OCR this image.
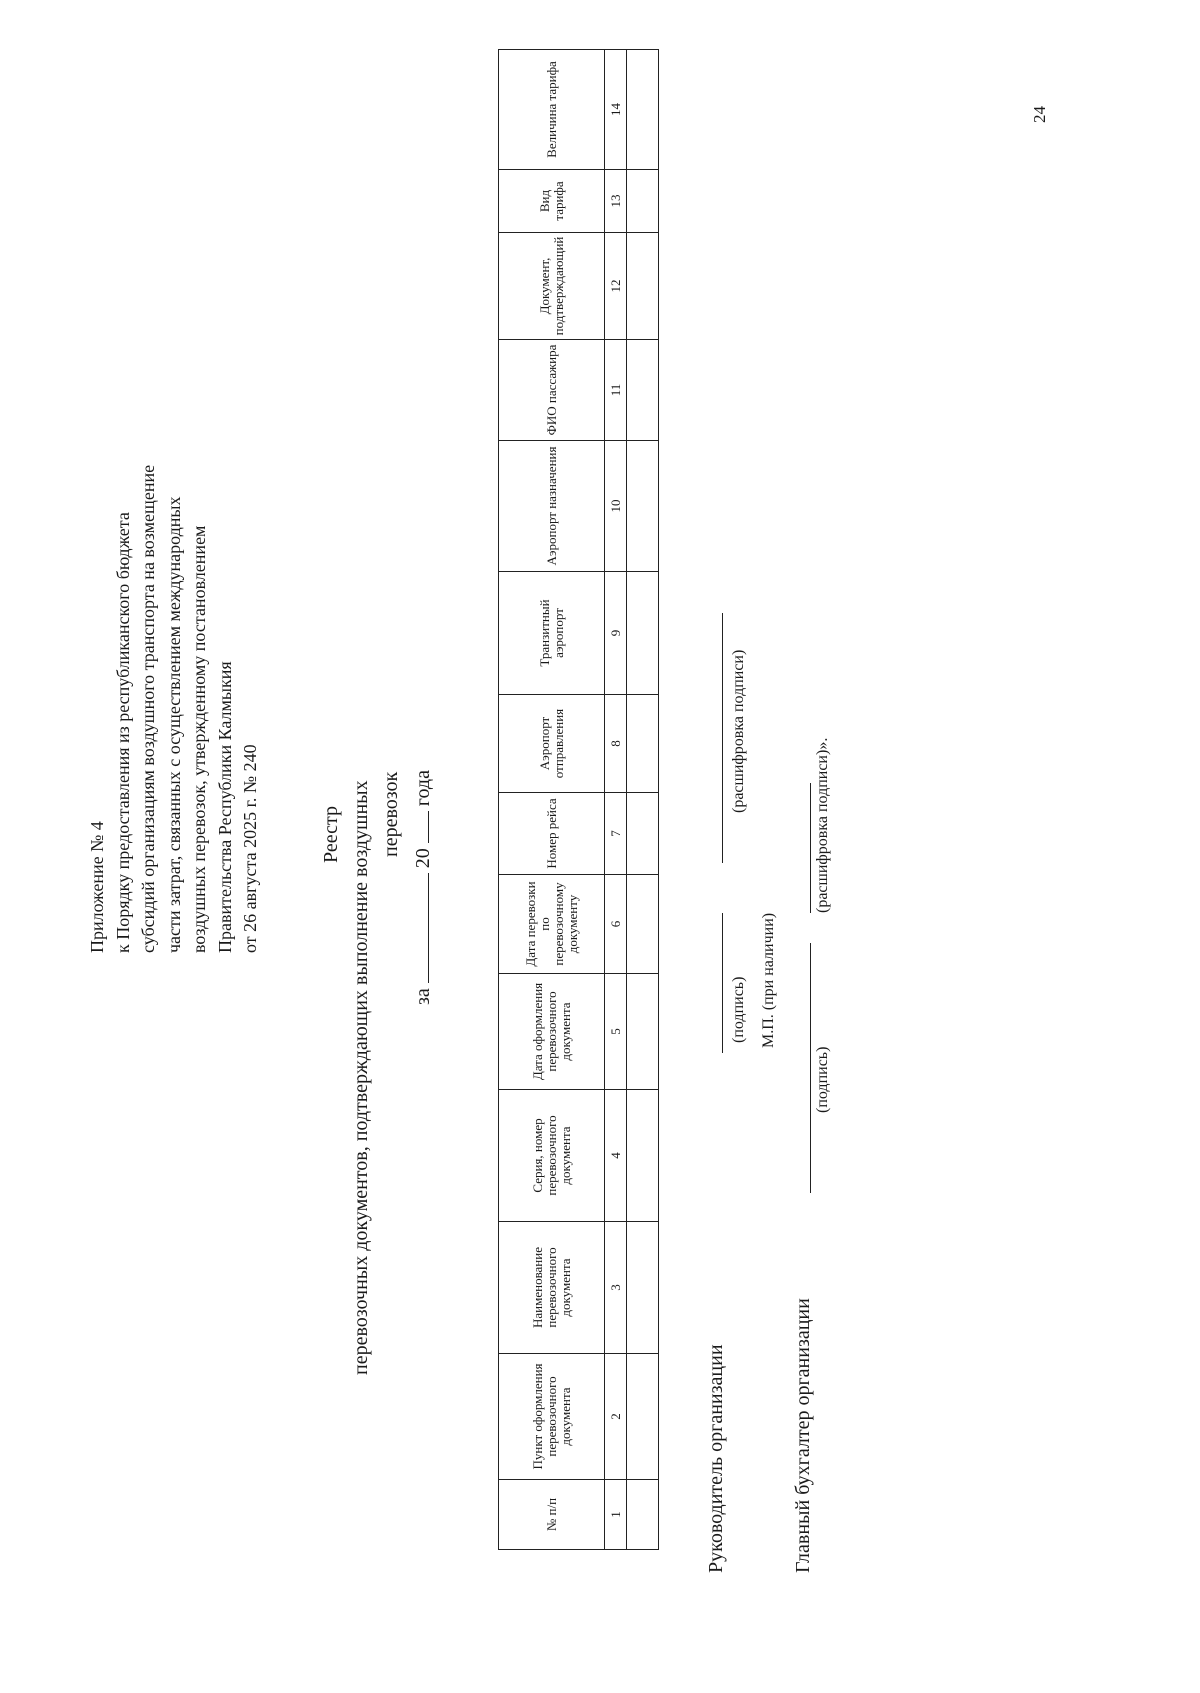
Приложение № 4 к Порядку предоставления из республиканского бюджета субсидий организациям воздушного транспорта на возмещение части затрат, связанных с осуществлением международных воздушных перевозок, утвержденному постановлением Правительства Республики Калмыкия от 26 августа 2025 г. № 240	Реестр перевозочных документов, подтверждающих выполнение воздушных перевозок
за  20  года
№ п/п	Пункт оформления перевозочного документа	Наименование перевозочного документа	Серия, номер перевозочного документа	Дата оформления перевозочного документа	Дата перевозки по перевозочному документу	Номер рейса	Аэропорт отправления	Транзитный аэропорт	Аэропорт назначения	ФИО пассажира	Документ, подтверждающий	Вид тарифа	Величина тарифа
1	2	3	4	5	6	7	8	9	10	11	12	13	14

Руководитель организации
(подпись)
(расшифровка подписи)
М.П. (при наличии)
Главный бухгалтер организации
(подпись)
(расшифровка подписи)».
24
